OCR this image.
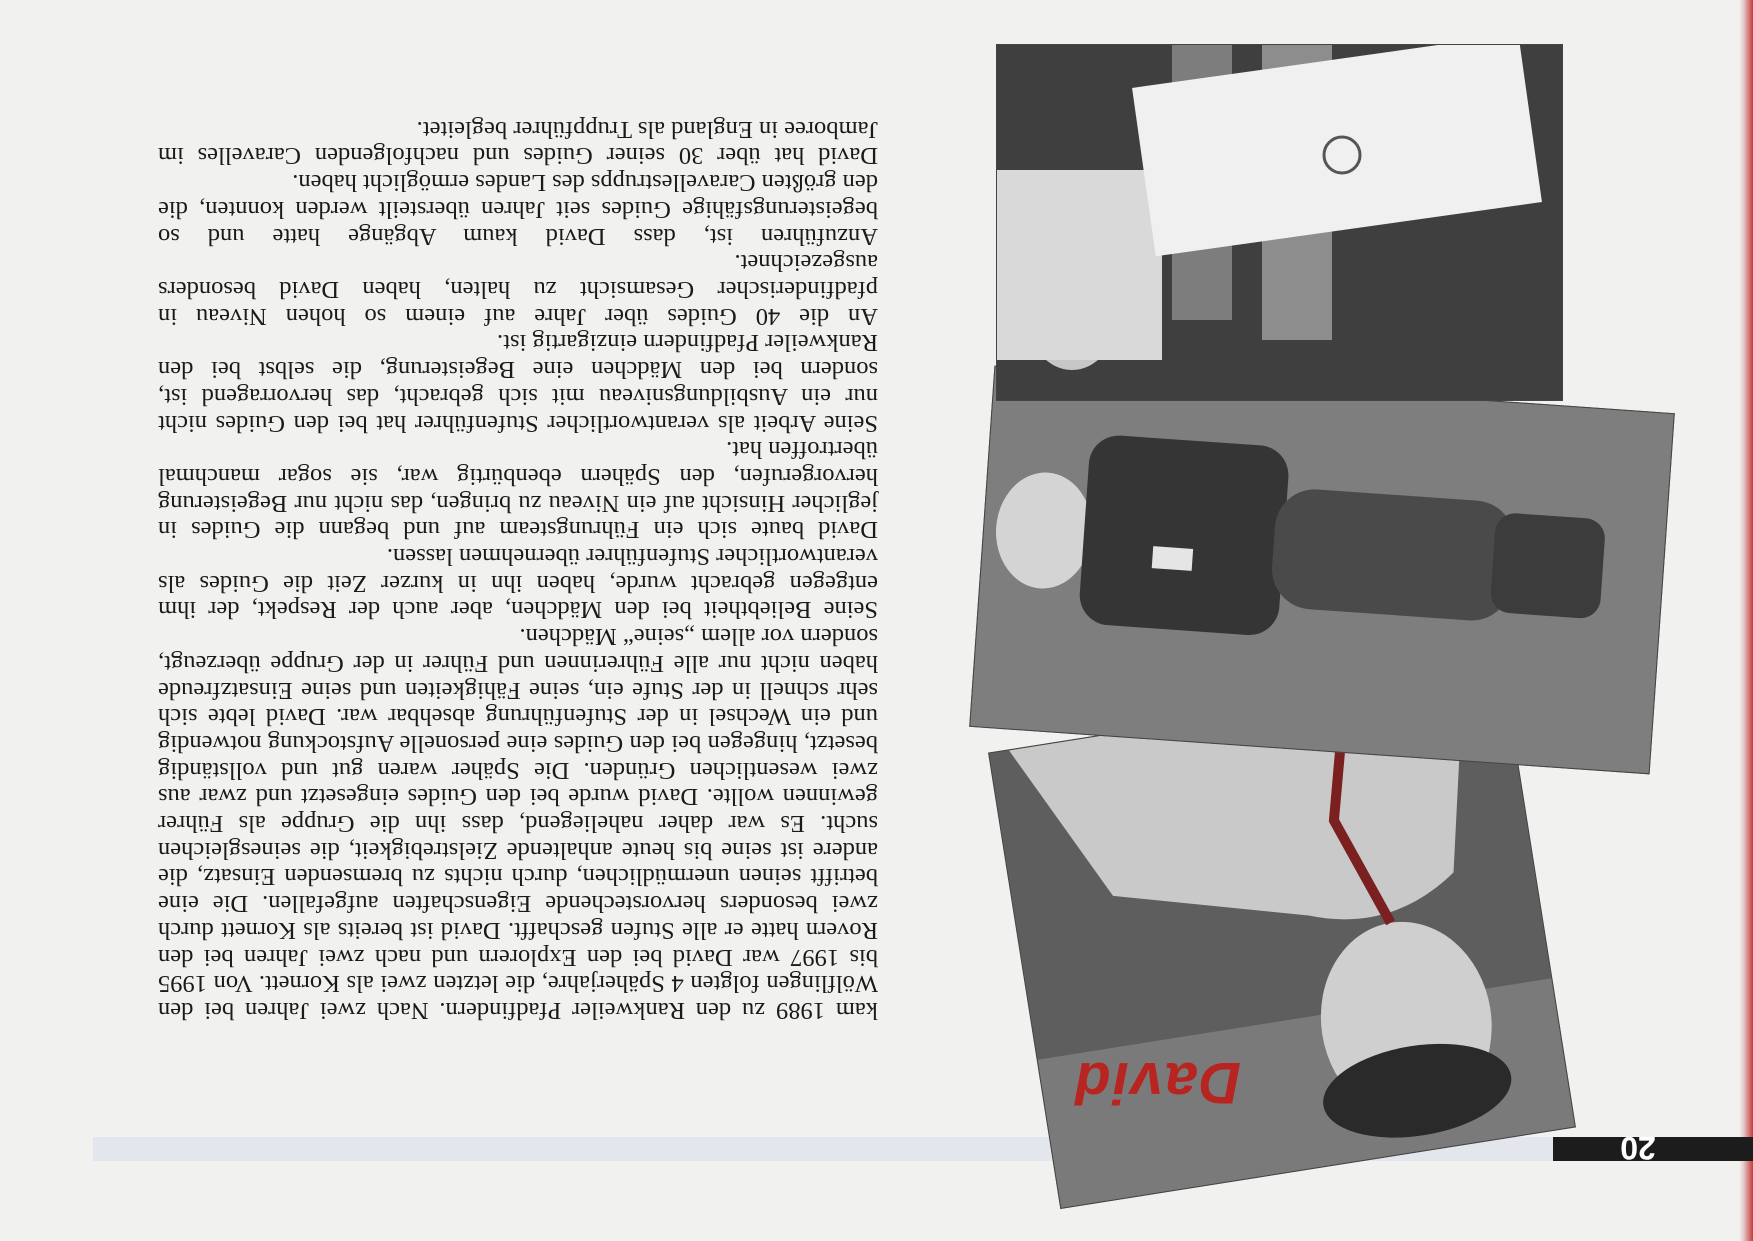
20
David

kam 1989 zu den Rankweiler Pfadfindern. Nach zwei Jahren bei den Wölflingen folgten 4 Späherjahre, die letzten zwei als Kornett. Von 1995 bis 1997 war David bei den Explorern und nach zwei Jahren bei den Rovern hatte er alle Stufen geschafft. David ist bereits als Kornett durch zwei besonders hervorstechende Eigenschaften aufgefallen. Die eine betrifft seinen unermüdlichen, durch nichts zu bremsenden Einsatz, die andere ist seine bis heute anhaltende Zielstrebigkeit, die seinesgleichen sucht. Es war daher naheliegend, dass ihn die Gruppe als Führer gewinnen wollte. David wurde bei den Guides eingesetzt und zwar aus zwei wesentlichen Gründen. Die Späher waren gut und vollständig besetzt, hingegen bei den Guides eine personelle Aufstockung notwendig und ein Wechsel in der Stufenführung absehbar war. David lebte sich sehr schnell in der Stufe ein, seine Fähigkeiten und seine Einsatzfreude haben nicht nur alle Führerinnen und Führer in der Gruppe überzeugt, sondern vor allem „seine“ Mädchen.

Seine Beliebtheit bei den Mädchen, aber auch der Respekt, der ihm entgegen gebracht wurde, haben ihn in kurzer Zeit die Guides als verantwortlicher Stufenführer übernehmen lassen.

David baute sich ein Führungsteam auf und begann die Guides in jeglicher Hinsicht auf ein Niveau zu bringen, das nicht nur Begeisterung hervorgerufen, den Spähern ebenbürtig war, sie sogar manchmal übertroffen hat.

Seine Arbeit als verantwortlicher Stufenführer hat bei den Guides nicht nur ein Ausbildungsniveau mit sich gebracht, das hervorragend ist, sondern bei den Mädchen eine Begeisterung, die selbst bei den Rankweiler Pfadfindern einzigartig ist.

An die 40 Guides über Jahre auf einem so hohen Niveau in pfadfinderischer Gesamsicht zu halten, haben David besonders ausgezeichnet.

Anzuführen ist, dass David kaum Abgänge hatte und so begeisterungsfähige Guides seit Jahren übersteilt werden konnten, die den größten Caravellestrupps des Landes ermöglicht haben.

David hat über 30 seiner Guides und nachfolgenden Caravelles im Jamboree in England als Truppführer begleitet.
